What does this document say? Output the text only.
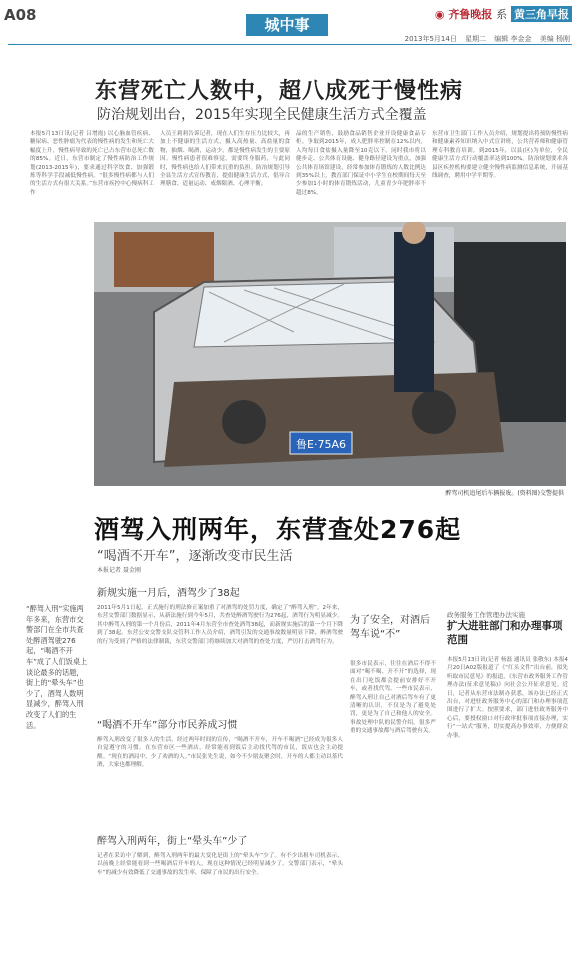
A08
城中事
◉ 齐鲁晚报 系 黄三角早报
2013年5月14日 星期二 编辑 李金金 美编 杨刚
东营死亡人数中，超八成死于慢性病
防治规划出台，2015年实现全民健康生活方式全覆盖
本报5月13日讯(记者 吕增霞) 以心脑血管疾病、糖尿病、恶性肿瘤为代表的慢性病的发生和死亡大幅度上升，慢性病导致的死亡已占东营市总死亡数的85%。近日，东营市制定了慢性病防治工作规划(2013-2015年)，要求通过科学饮食、加强锻炼等科学手段减低慢性病。“很多慢性病都与人们的生活方式有很大关系。”东营市疾控中心慢病科工作
人员王莉莉告诉记者，现在人们生存压力比较大，再加上不健康的生活方式，摄入高热量、高盐量的食物，抽烟、喝酒，运动少，都是慢性病发生的主要原因。慢性病患者很难察觉，需要终身服药，与此同时，慢性病也给人们带来沉重的负担。防治规划引导全县生活方式宣传教育，提倡健康生活方式，倡导合理膳食、适量运动、戒烟限酒、心理平衡。
品的生产销售，鼓励食品销售企业开设健康食品专柜。争取到2015年，成人肥胖率控制在12%以内，人均每日食盐摄入量降至10克以下。同时我市将以健步走、公共体育设施、健身路径建设为重点，加强公共体育场馆建设，经常参加体育锻炼的人数比例达到35%以上，教育部门保证中小学生在校期间每天至少参加1小时的体育锻炼活动，儿童青少年肥胖率不超过8%。
东营市卫生部门工作人员介绍，规划提出将预防慢性病和健康素养知识纳入中式宣讲班，公共营养师和健康管理专科教育培训。到2015年，以县(区)为单位，全民健康生活方式行动覆盖率达到100%。防治规划要求各县区疾控机构要建立健全慢性病监测信息系统，开展基线调查，聘用中学平期等。
鲁E·75A6
醉驾司机追尾后车辆报废。(资料图)交警提供
酒驾入刑两年，东营查处276起
“喝酒不开车”，逐渐改变市民生活
本报记者 聂金刚
新规实施一月后，酒驾少了38起
2011年5月1日起，正式施行的刑法修正案加重了对酒驾的处罚力度，确定了“醉驾入刑”。2年来，东营交警部门数据显示，从新法施行到今年5月，共查处醉酒驾驶行为276起，酒驾行为明显减少。其中醉驾入刑的第一个月份后，2011年4月东营全市查处酒驾38起，而新规实施后的第一个月下降到了38起。东营公安交警支队交管科工作人员介绍，酒驾引发的交通事故数量明显下降，醉酒驾驶的行为受到了严格的法律制裁，东营交警部门将继续加大对酒驾的查处力度，严厉打击酒驾行为。
“喝酒不开车”部分市民养成习惯
醉驾入刑改变了很多人的生活。经过两年时间的宣传，“喝酒不开车，开车不喝酒”已经成为很多人自觉遵守的习惯。在东营市区一些酒店，经常能看到饭后主动找代驾的市民，饭店也会主动提醒。“现在的酒局中，少了劝酒的人。”市民张先生说，如今不少朋友聚会时，开车的人都主动以茶代酒，大家也都理解。
醉驾入刑两年，街上“晕头车”少了
记者在采访中了解到，醉驾入刑两年的最大变化是街上的“晕头车”少了。有不少出租车司机表示，以前晚上经常能看到一些喝酒后开车的人，现在这种情况已经明显减少了。交警部门表示，“晕头车”的减少有效降低了交通事故的发生率，保障了市民的出行安全。
“醉驾入刑”实施两年多来，东营市交警部门在全市共查处醉酒驾驶276起，“喝酒不开车”成了人们饭桌上谈论最多的话题，街上的“晕头车”也少了，酒驾人数明显减少，醉驾入刑改变了人们的生活。
为了安全，对酒后驾车说“不”
很多市民表示，往往在酒后不得不面对“喝不喝、开不开”的选择，现在出门吃饭都会提前安排好不开车，或者找代驾。一些市民表示，醉驾入刑让自己对酒后驾车有了更清晰的认识，不仅是为了避免处罚，更是为了自己和他人的安全。事故处理中队的民警介绍，很多严重的交通事故都与酒后驾驶有关。
政务服务工作管理办法实施
扩大进驻部门和办理事项范围
本报5月13日讯(记者 杨磊 通讯员 张敬东) 本报4月20日A02版报道了《“红头文件”出台前，拟先听取市民意见》的报道，《东营市政务服务工作管理办法(征求意见稿)》向社会公开征求意见。近日，记者从东营市法制办获悉，该办法已经正式出台，对进驻政务服务中心的部门和办理事项范围进行了扩大。按照要求，部门进驻政务服务中心后，要授权窗口对行政审批事项直接办理，实行“一站式”服务，切实提高办事效率，方便群众办事。
